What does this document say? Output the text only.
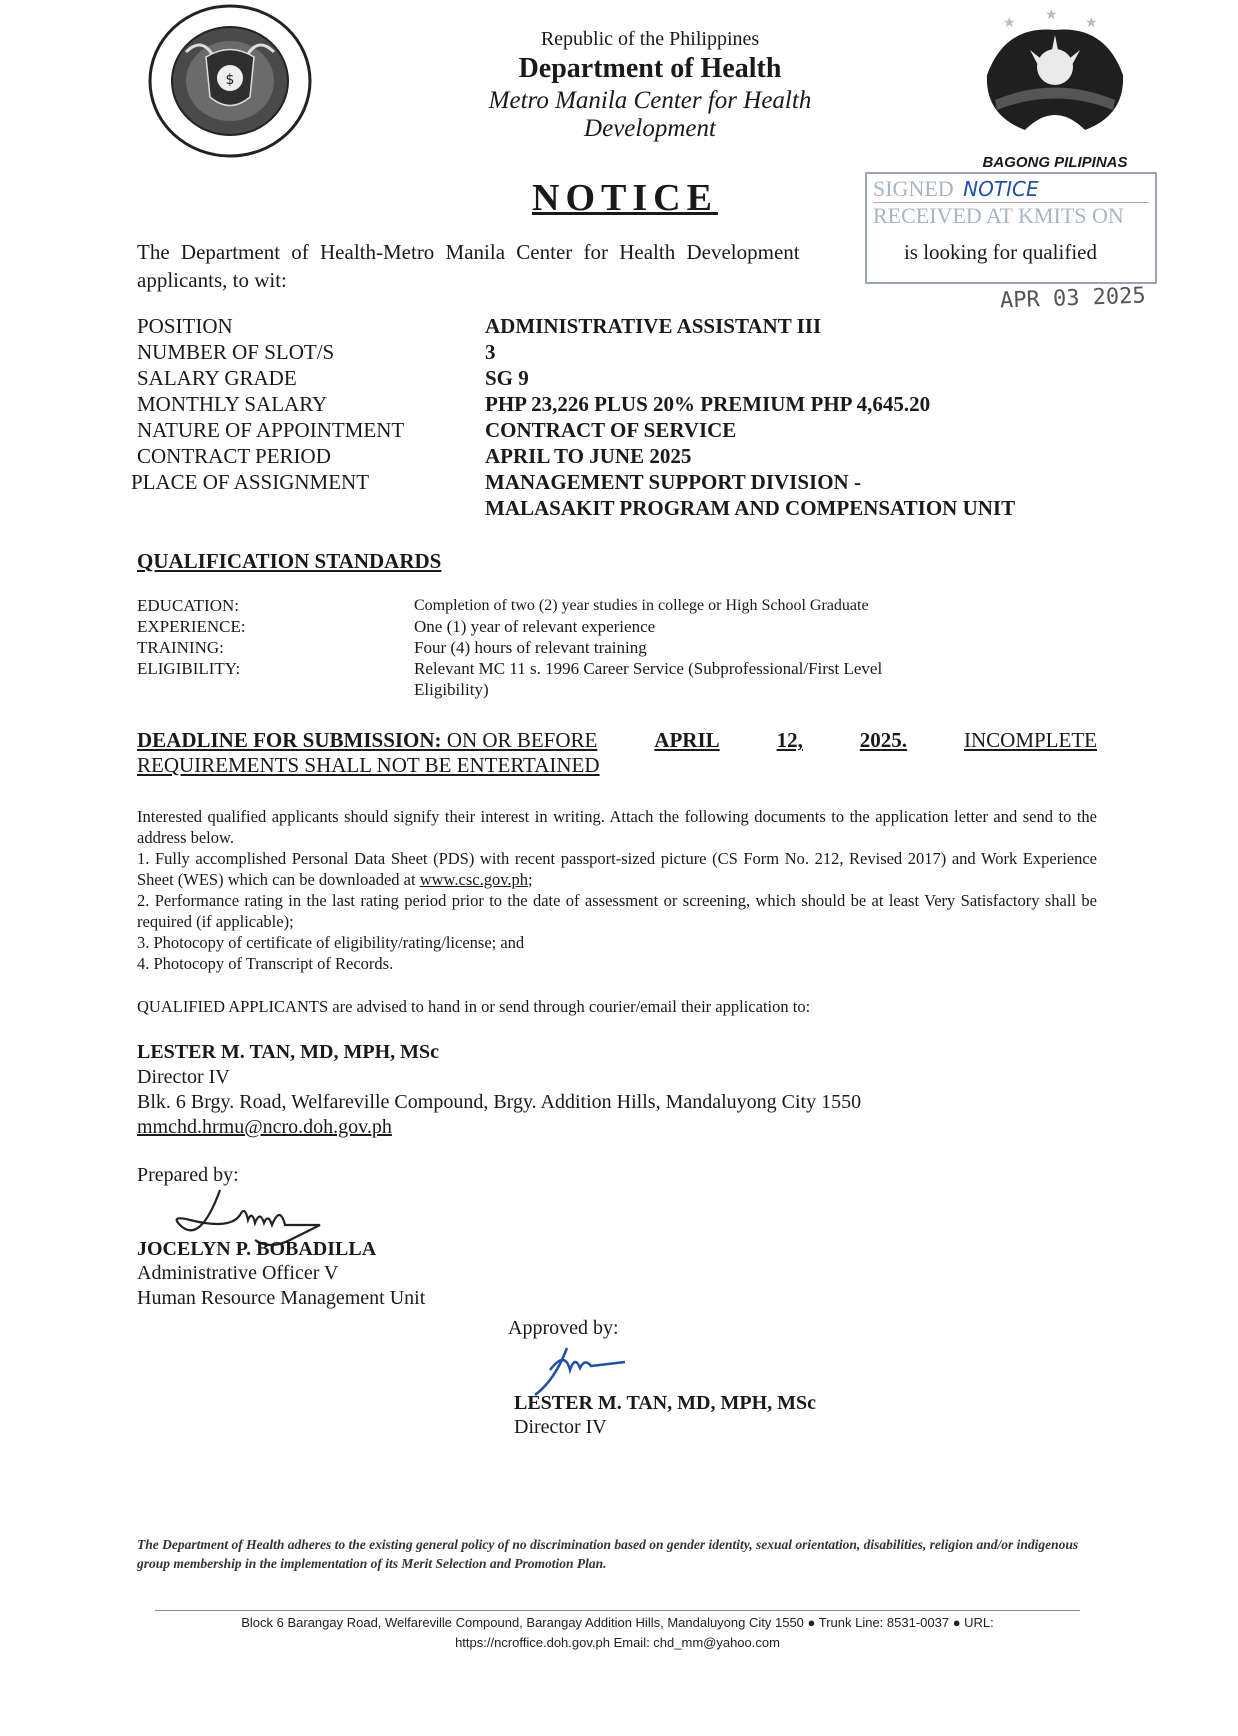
$
Republic of the Philippines
Department of Health
Metro Manila Center for Health Development
★ ★ ★
BAGONG PILIPINAS
SIGNED NOTICE
RECEIVED AT KMITS ON
APR 03 2025
NOTICE
The Department of Health-Metro Manila Center for Health Development	is looking for qualified
applicants, to wit:
POSITION	ADMINISTRATIVE ASSISTANT III
NUMBER OF SLOT/S	3
SALARY GRADE	SG 9
MONTHLY SALARY	PHP 23,226 PLUS 20% PREMIUM PHP 4,645.20
NATURE OF APPOINTMENT	CONTRACT OF SERVICE
CONTRACT PERIOD	APRIL TO JUNE 2025
PLACE OF ASSIGNMENT	MANAGEMENT SUPPORT DIVISION -
MALASAKIT PROGRAM AND COMPENSATION UNIT
QUALIFICATION STANDARDS
EDUCATION:	Completion of two (2) year studies in college or High School Graduate
EXPERIENCE:	One (1) year of relevant experience
TRAINING:	Four (4) hours of relevant training
ELIGIBILITY:	Relevant MC 11 s. 1996 Career Service (Subprofessional/First Level
Eligibility)
DEADLINE FOR SUBMISSION: ON OR BEFORE	APRIL	12,	2025.	INCOMPLETE
REQUIREMENTS SHALL NOT BE ENTERTAINED
Interested qualified applicants should signify their interest in writing. Attach the following documents to the application letter and send to the address below.
1. Fully accomplished Personal Data Sheet (PDS) with recent passport-sized picture (CS Form No. 212, Revised 2017) and Work Experience Sheet (WES) which can be downloaded at www.csc.gov.ph;
2. Performance rating in the last rating period prior to the date of assessment or screening, which should be at least Very Satisfactory shall be required (if applicable);
3. Photocopy of certificate of eligibility/rating/license; and
4. Photocopy of Transcript of Records.
QUALIFIED APPLICANTS are advised to hand in or send through courier/email their application to:
LESTER M. TAN, MD, MPH, MSc
Director IV
Blk. 6 Brgy. Road, Welfareville Compound, Brgy. Addition Hills, Mandaluyong City 1550
mmchd.hrmu@ncro.doh.gov.ph
Prepared by:
JOCELYN P. BOBADILLA
Administrative Officer V
Human Resource Management Unit
Approved by:
LESTER M. TAN, MD, MPH, MSc
Director IV
The Department of Health adheres to the existing general policy of no discrimination based on gender identity, sexual orientation, disabilities, religion and/or indigenous group membership in the implementation of its Merit Selection and Promotion Plan.
Block 6 Barangay Road, Welfareville Compound, Barangay Addition Hills, Mandaluyong City 1550 ● Trunk Line: 8531-0037 ● URL:
https://ncroffice.doh.gov.ph Email: chd_mm@yahoo.com
